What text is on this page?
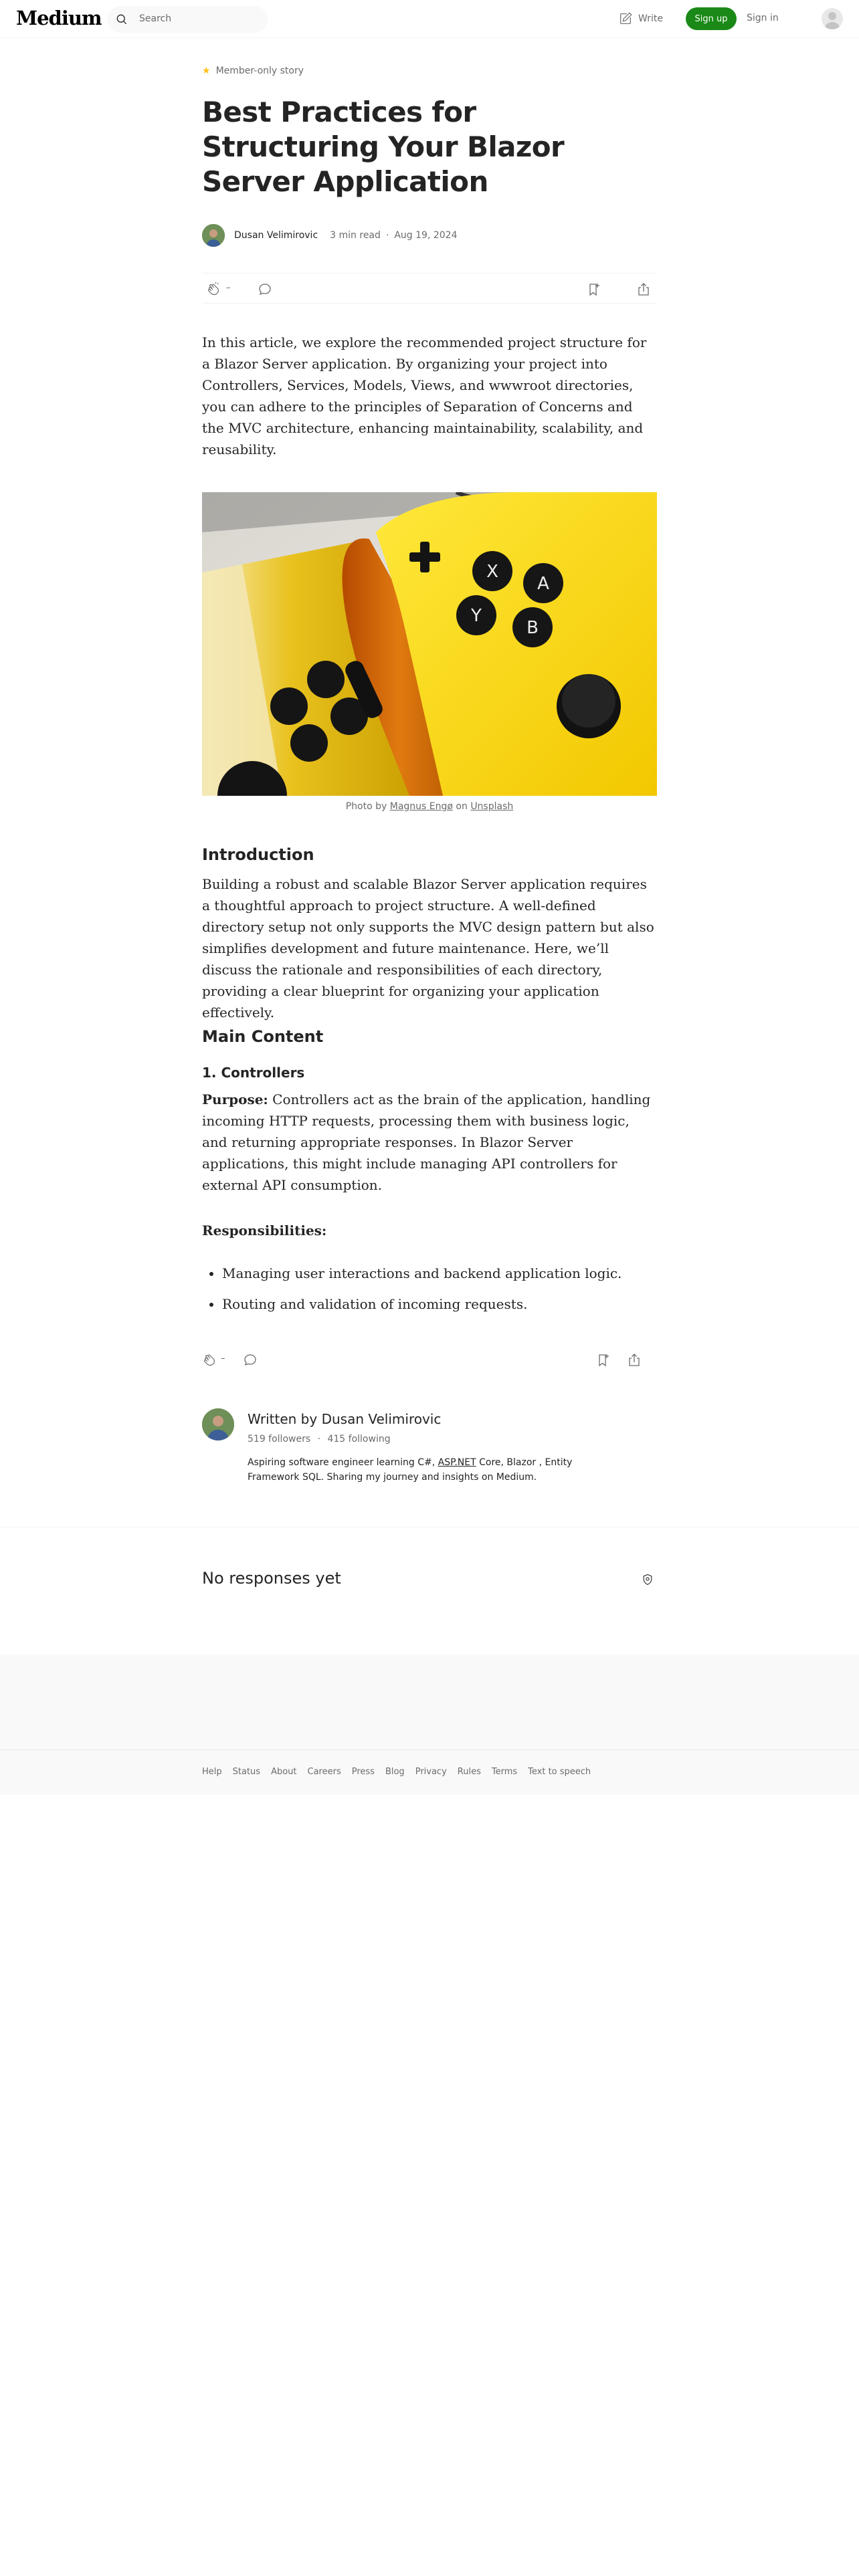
Medium	Search	Write	Sign up	Sign in
★ Member-only story
Best Practices for Structuring Your Blazor Server Application
Dusan Velimirovic 3 min read · Aug 19, 2024
–

In this article, we explore the recommended project structure for a Blazor Server application. By organizing your project into Controllers, Services, Models, Views, and wwwroot directories, you can adhere to the principles of Separation of Concerns and the MVC architecture, enhancing maintainability, scalability, and reusability.

X
A
Y
B
Photo by Magnus Engø on Unsplash
Introduction

Building a robust and scalable Blazor Server application requires a thoughtful approach to project structure. A well-defined directory setup not only supports the MVC design pattern but also simplifies development and future maintenance. Here, we’ll discuss the rationale and responsibilities of each directory, providing a clear blueprint for organizing your application effectively.

Main Content
1. Controllers

Purpose: Controllers act as the brain of the application, handling incoming HTTP requests, processing them with business logic, and returning appropriate responses. In Blazor Server applications, this might include managing API controllers for external API consumption.

Responsibilities:

• Managing user interactions and backend application logic.
• Routing and validation of incoming requests.
–
Written by Dusan Velimirovic
519 followers · 415 following
Aspiring software engineer learning C#, ASP.NET Core, Blazor , Entity Framework SQL. Sharing my journey and insights on Medium.
No responses yet
Help Status About Careers Press Blog Privacy Rules Terms Text to speech
